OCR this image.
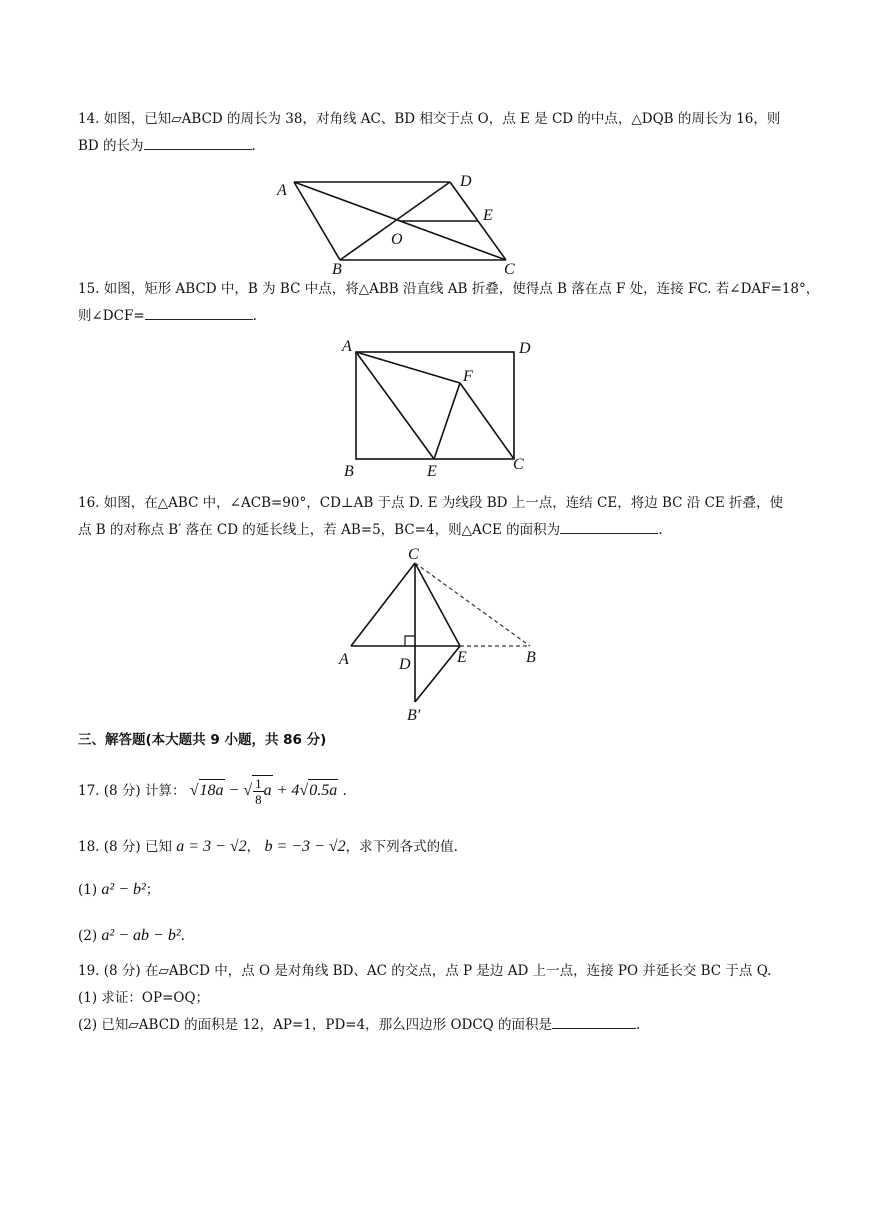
14. 如图，已知▱ABCD 的周长为 38，对角线 AC、BD 相交于点 O，点 E 是 CD 的中点，△DQB 的周长为 16，则
BD 的长为	.
A
D
E
O
B	C
15. 如图，矩形 ABCD 中，B 为 BC 中点，将△ABB 沿直线 AB 折叠，使得点 B 落在点 F 处，连接 FC. 若∠DAF=18°，
则∠DCF=	.
A	D
F
B	E	C
16. 如图，在△ABC 中，∠ACB=90°，CD⊥AB 于点 D. E 为线段 BD 上一点，连结 CE，将边 BC 沿 CE 折叠，使
点 B 的对称点 B′ 落在 CD 的延长线上，若 AB=5，BC=4，则△ACE 的面积为	.
C
A	D	E	B
B′
三、解答题(本大题共 9 小题，共 86 分)
17. (8 分) 计算： √18a − √ $\frac{1}{8}$ a + 4√0.5a .
18. (8 分) 已知 a = 3 − √2， b = −3 − √2，求下列各式的值.
(1) a² − b²；
(2) a² − ab − b².
19. (8 分) 在▱ABCD 中，点 O 是对角线 BD、AC 的交点，点 P 是边 AD 上一点，连接 PO 并延长交 BC 于点 Q.
(1) 求证：OP=OQ；
(2) 已知▱ABCD 的面积是 12，AP=1，PD=4，那么四边形 ODCQ 的面积是	.
